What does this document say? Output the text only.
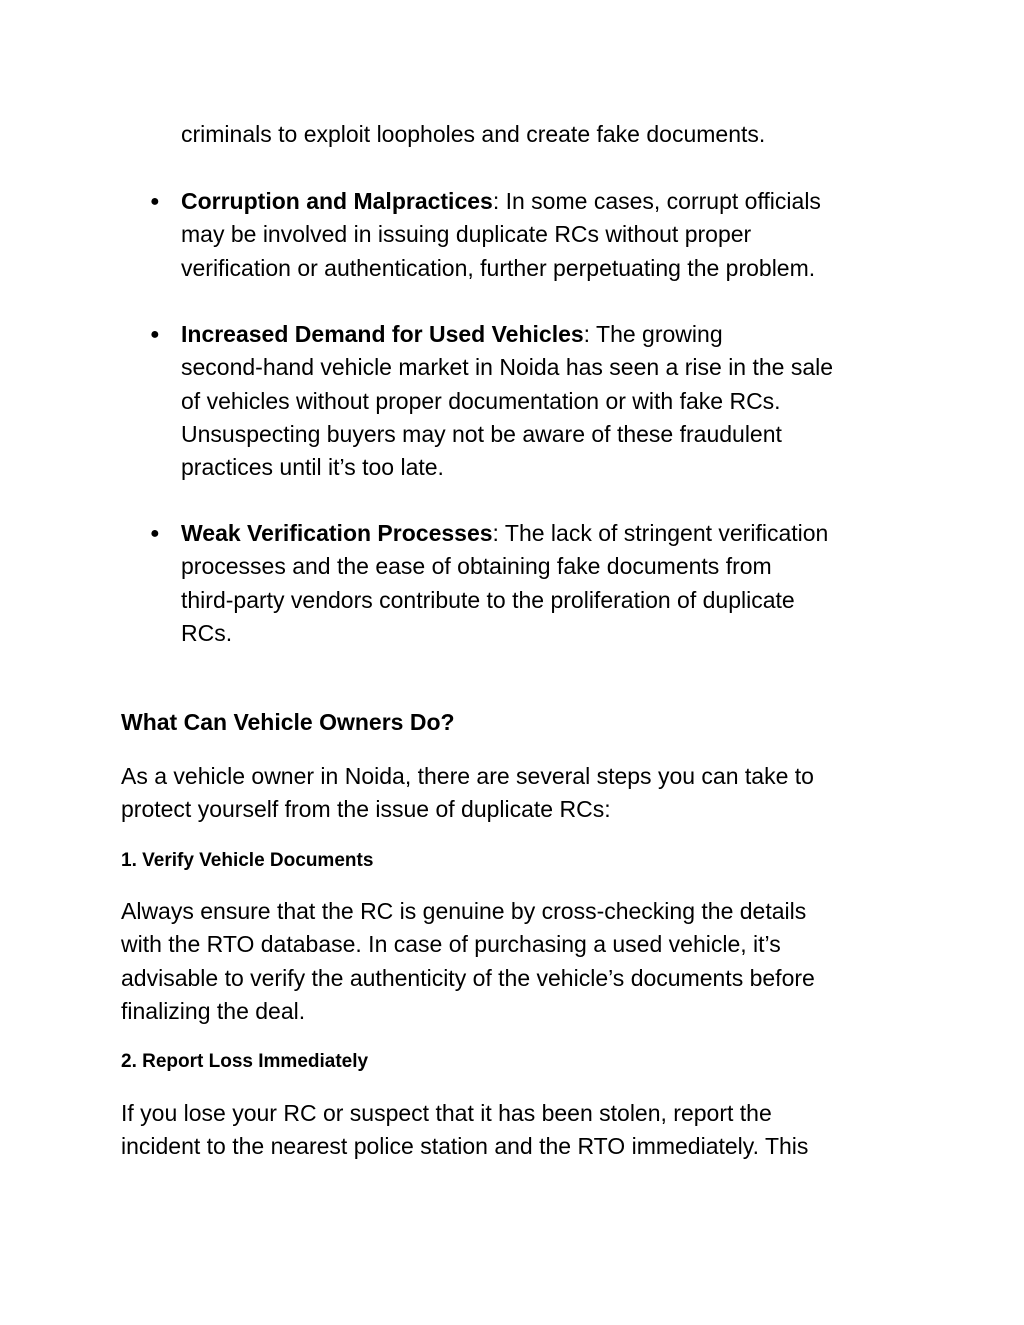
criminals to exploit loopholes and create fake documents.

● Corruption and Malpractices: In some cases, corrupt officials
may be involved in issuing duplicate RCs without proper
verification or authentication, further perpetuating the problem.
● Increased Demand for Used Vehicles: The growing
second-hand vehicle market in Noida has seen a rise in the sale
of vehicles without proper documentation or with fake RCs.
Unsuspecting buyers may not be aware of these fraudulent
practices until it’s too late.
● Weak Verification Processes: The lack of stringent verification
processes and the ease of obtaining fake documents from
third-party vendors contribute to the proliferation of duplicate
RCs.
What Can Vehicle Owners Do?

As a vehicle owner in Noida, there are several steps you can take to
protect yourself from the issue of duplicate RCs:

1. Verify Vehicle Documents

Always ensure that the RC is genuine by cross-checking the details
with the RTO database. In case of purchasing a used vehicle, it’s
advisable to verify the authenticity of the vehicle’s documents before
finalizing the deal.

2. Report Loss Immediately

If you lose your RC or suspect that it has been stolen, report the
incident to the nearest police station and the RTO immediately. This
